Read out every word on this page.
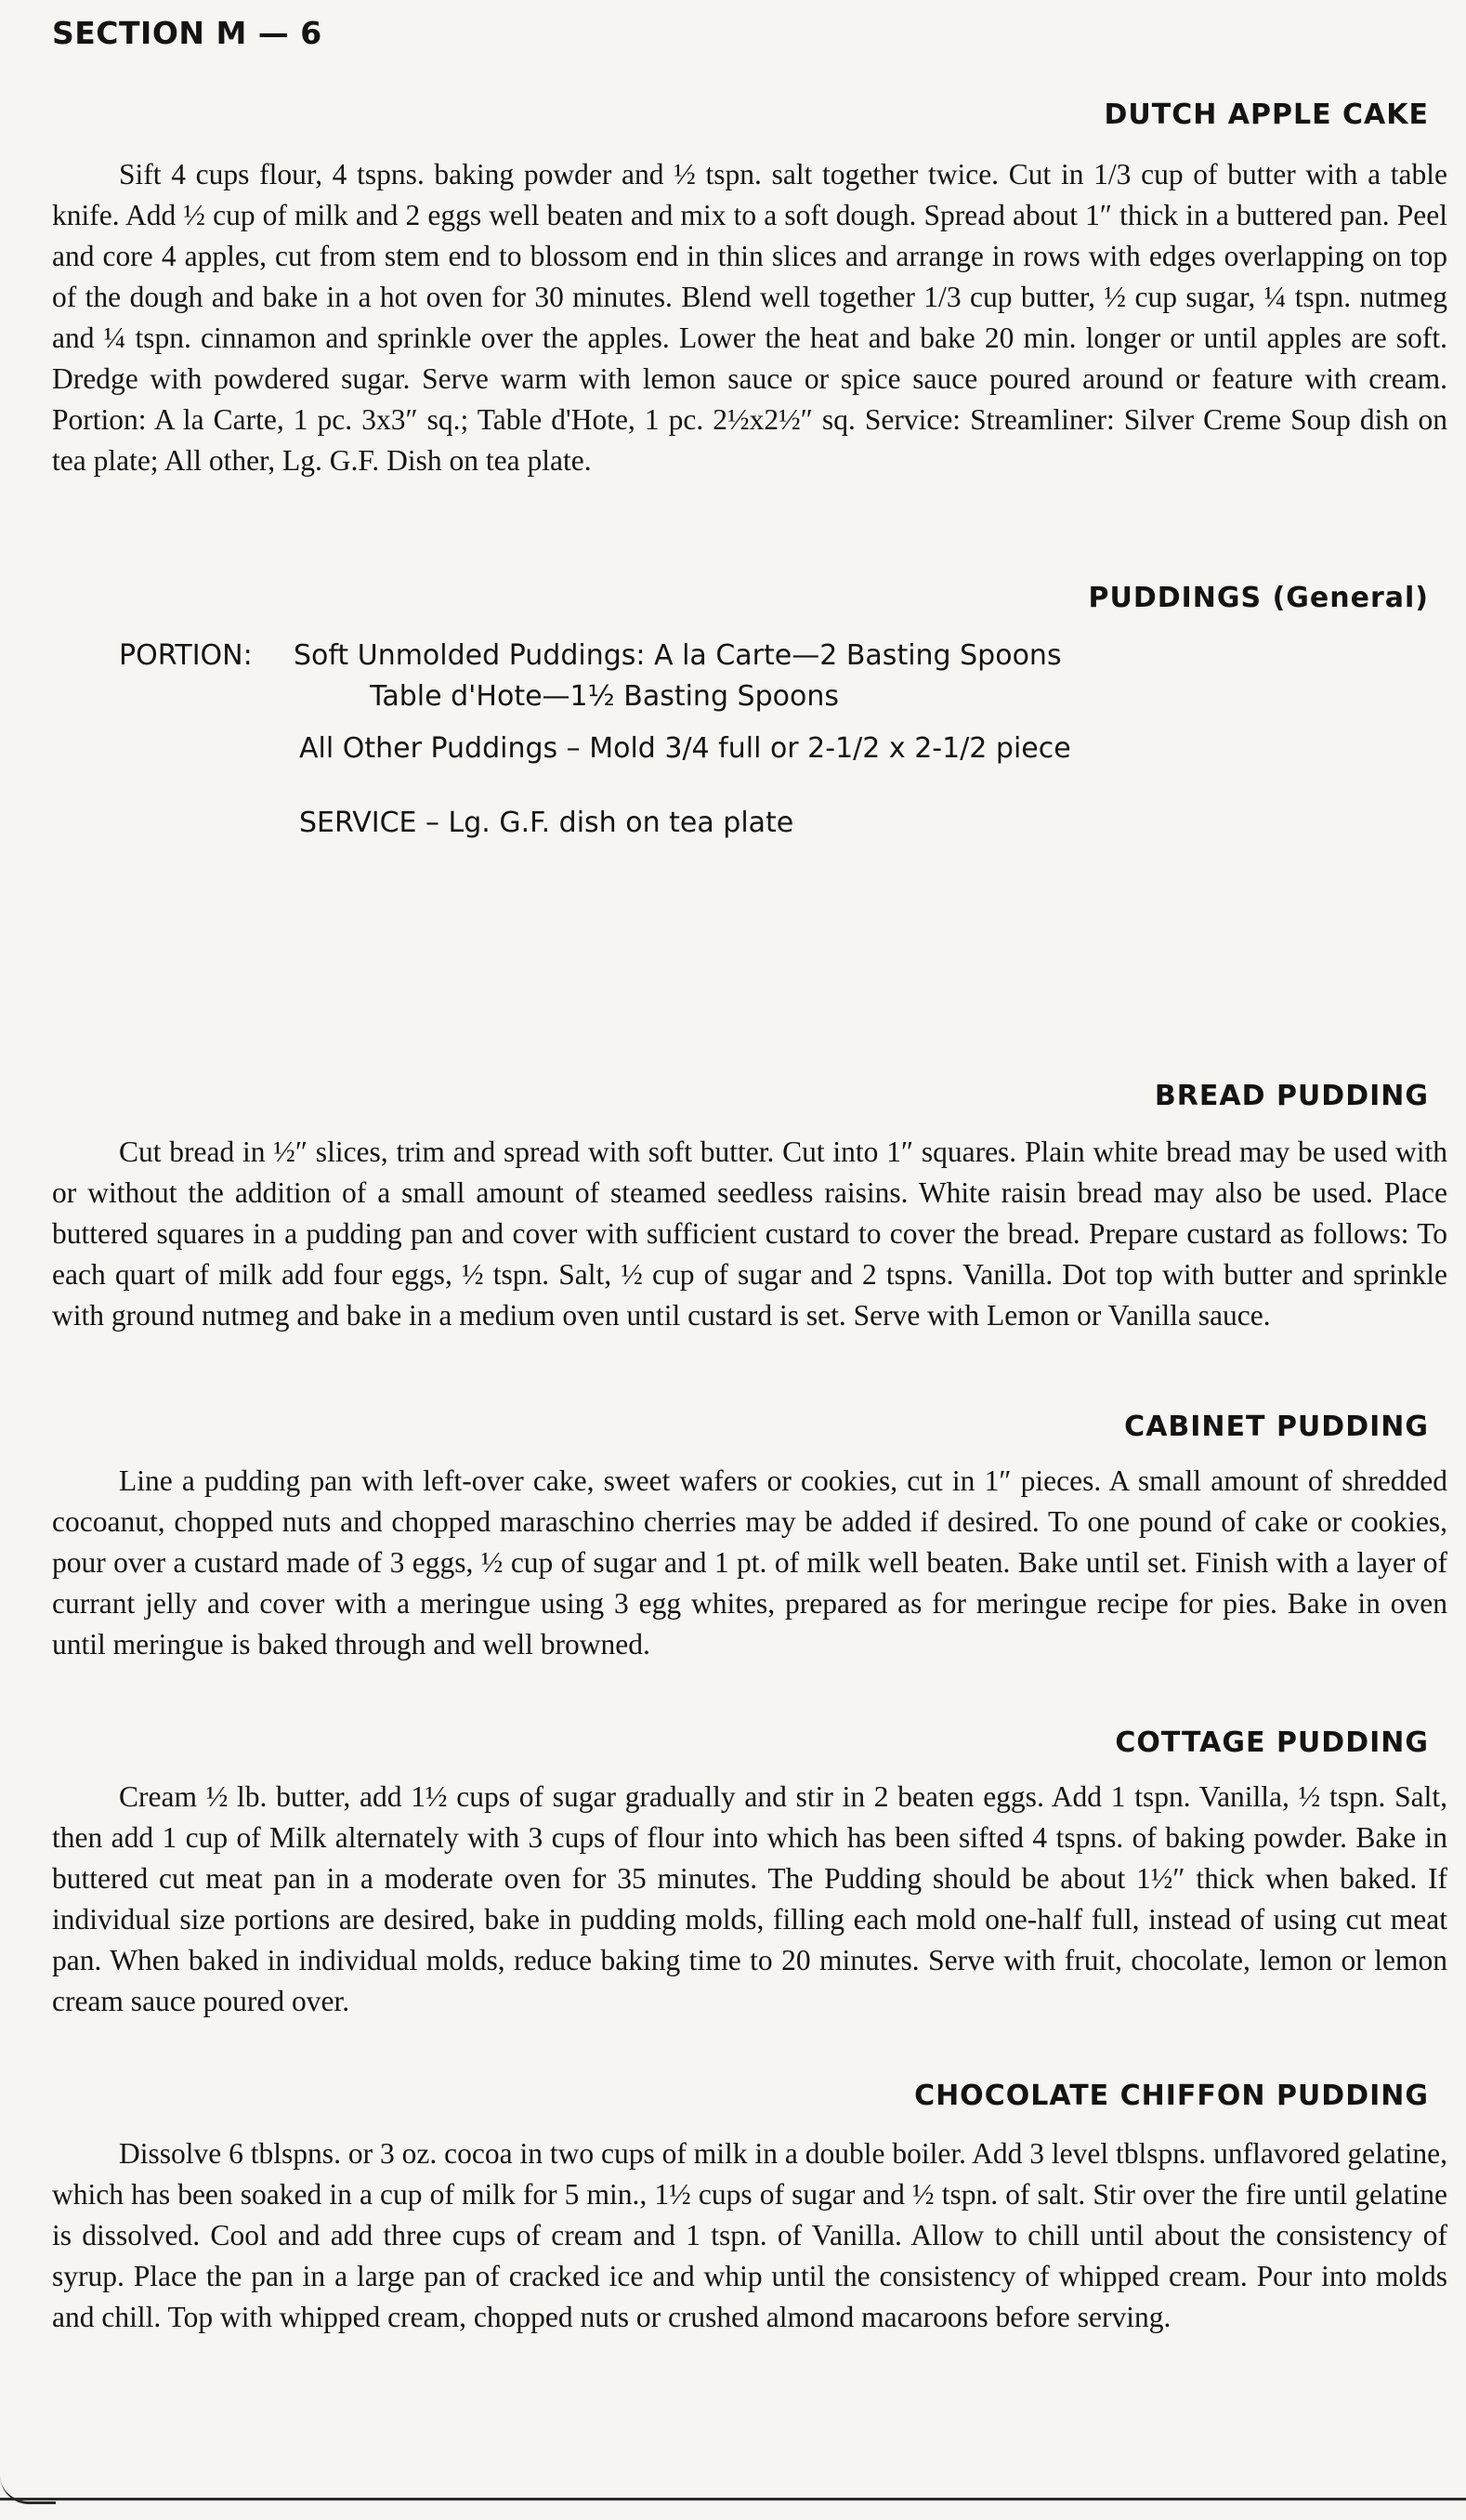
SECTION M — 6
DUTCH APPLE CAKE

Sift 4 cups flour, 4 tspns. baking powder and ½ tspn. salt together twice. Cut in 1/3 cup of butter with a table knife. Add ½ cup of milk and 2 eggs well beaten and mix to a soft dough. Spread about 1″ thick in a buttered pan. Peel and core 4 apples, cut from stem end to blossom end in thin slices and arrange in rows with edges overlapping on top of the dough and bake in a hot oven for 30 minutes. Blend well together 1/3 cup butter, ½ cup sugar, ¼ tspn. nutmeg and ¼ tspn. cinnamon and sprinkle over the apples. Lower the heat and bake 20 min. longer or until apples are soft. Dredge with powdered sugar. Serve warm with lemon sauce or spice sauce poured around or feature with cream. Portion: A la Carte, 1 pc. 3x3″ sq.; Table d'Hote, 1 pc. 2½x2½″ sq. Service: Streamliner: Silver Creme Soup dish on tea plate; All other, Lg. G.F. Dish on tea plate.

PUDDINGS (General)
PORTION: Soft Unmolded Puddings: A la Carte—2 Basting Spoons
Table d'Hote—1½ Basting Spoons
All Other Puddings – Mold 3/4 full or 2-1/2 x 2-1/2 piece
SERVICE – Lg. G.F. dish on tea plate
BREAD PUDDING

Cut bread in ½″ slices, trim and spread with soft butter. Cut into 1″ squares. Plain white bread may be used with or without the addition of a small amount of steamed seedless raisins. White raisin bread may also be used. Place buttered squares in a pudding pan and cover with sufficient custard to cover the bread. Prepare custard as follows: To each quart of milk add four eggs, ½ tspn. Salt, ½ cup of sugar and 2 tspns. Vanilla. Dot top with butter and sprinkle with ground nutmeg and bake in a medium oven until custard is set. Serve with Lemon or Vanilla sauce.

CABINET PUDDING

Line a pudding pan with left-over cake, sweet wafers or cookies, cut in 1″ pieces. A small amount of shredded cocoanut, chopped nuts and chopped maraschino cherries may be added if desired. To one pound of cake or cookies, pour over a custard made of 3 eggs, ½ cup of sugar and 1 pt. of milk well beaten. Bake until set. Finish with a layer of currant jelly and cover with a meringue using 3 egg whites, prepared as for meringue recipe for pies. Bake in oven until meringue is baked through and well browned.

COTTAGE PUDDING

Cream ½ lb. butter, add 1½ cups of sugar gradually and stir in 2 beaten eggs. Add 1 tspn. Vanilla, ½ tspn. Salt, then add 1 cup of Milk alternately with 3 cups of flour into which has been sifted 4 tspns. of baking powder. Bake in buttered cut meat pan in a moderate oven for 35 minutes. The Pudding should be about 1½″ thick when baked. If individual size portions are desired, bake in pudding molds, filling each mold one-half full, instead of using cut meat pan. When baked in individual molds, reduce baking time to 20 minutes. Serve with fruit, chocolate, lemon or lemon cream sauce poured over.

CHOCOLATE CHIFFON PUDDING

Dissolve 6 tblspns. or 3 oz. cocoa in two cups of milk in a double boiler. Add 3 level tblspns. unflavored gelatine, which has been soaked in a cup of milk for 5 min., 1½ cups of sugar and ½ tspn. of salt. Stir over the fire until gelatine is dissolved. Cool and add three cups of cream and 1 tspn. of Vanilla. Allow to chill until about the consistency of syrup. Place the pan in a large pan of cracked ice and whip until the consistency of whipped cream. Pour into molds and chill. Top with whipped cream, chopped nuts or crushed almond macaroons before serving.
